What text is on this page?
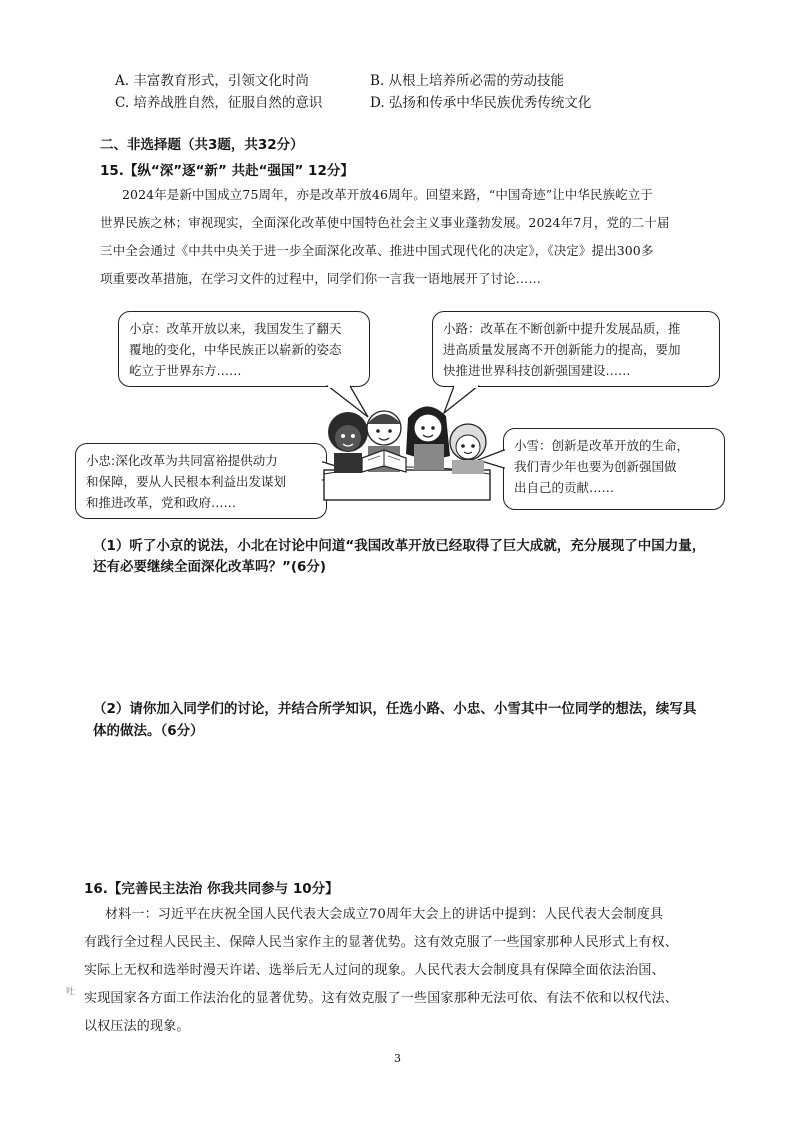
A. 丰富教育形式，引领文化时尚	B. 从根上培养所必需的劳动技能
C. 培养战胜自然，征服自然的意识	D. 弘扬和传承中华民族优秀传统文化
二、非选择题（共3题，共32分）
15.【纵“深”逐“新” 共赴“强国” 12分】
2024年是新中国成立75周年，亦是改革开放46周年。回望来路，“中国奇迹”让中华民族屹立于
世界民族之林；审视现实，全面深化改革使中国特色社会主义事业蓬勃发展。2024年7月，党的二十届
三中全会通过《中共中央关于进一步全面深化改革、推进中国式现代化的决定》，《决定》提出300多
项重要改革措施，在学习文件的过程中，同学们你一言我一语地展开了讨论……
小京：改革开放以来，我国发生了翻天
覆地的变化，中华民族正以崭新的姿态
屹立于世界东方……
小路：改革在不断创新中提升发展品质，推
进高质量发展离不开创新能力的提高，要加
快推进世界科技创新强国建设……
小忠:深化改革为共同富裕提供动力
和保障，要从人民根本利益出发谋划
和推进改革，党和政府……
小雪：创新是改革开放的生命，
我们青少年也要为创新强国做
出自己的贡献……
（1）听了小京的说法，小北在讨论中问道“我国改革开放已经取得了巨大成就，充分展现了中国力量，
还有必要继续全面深化改革吗？”(6分)
（2）请你加入同学们的讨论，并结合所学知识，任选小路、小忠、小雪其中一位同学的想法，续写具
体的做法。（6分）
16.【完善民主法治 你我共同参与 10分】
材料一：习近平在庆祝全国人民代表大会成立70周年大会上的讲话中提到：人民代表大会制度具
有践行全过程人民民主、保障人民当家作主的显著优势。这有效克服了一些国家那种人民形式上有权、
实际上无权和选举时漫天许诺、选举后无人过问的现象。人民代表大会制度具有保障全面依法治国、
实现国家各方面工作法治化的显著优势。这有效克服了一些国家那种无法可依、有法不依和以权代法、
以权压法的现象。
吐
3
